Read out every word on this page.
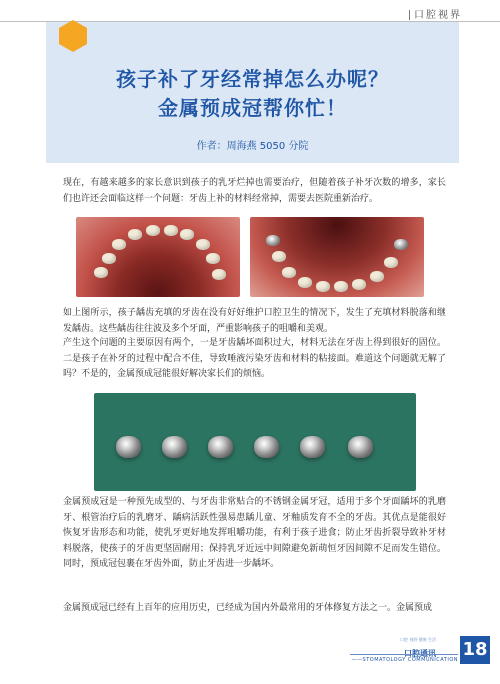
口腔视界
孩子补了牙经常掉怎么办呢？
金属预成冠帮你忙！
作者：周海燕 5050 分院

现在，有越来越多的家长意识到孩子的乳牙烂掉也需要治疗，但随着孩子补牙次数的增多，家长们也许还会面临这样一个问题：牙齿上补的材料经常掉，需要去医院重新治疗。

如上图所示，孩子龋齿充填的牙齿在没有好好维护口腔卫生的情况下，发生了充填材料脱落和继发龋齿。这些龋齿往往波及多个牙面，严重影响孩子的咀嚼和美观。

产生这个问题的主要原因有两个，一是牙齿龋坏面积过大，材料无法在牙齿上得到很好的固位。二是孩子在补牙的过程中配合不佳，导致唾液污染牙齿和材料的粘接面。难道这个问题就无解了吗？不是的，金属预成冠能很好解决家长们的烦恼。

金属预成冠是一种预先成型的、与牙齿非常贴合的不锈钢金属牙冠，适用于多个牙面龋坏的乳磨牙、根管治疗后的乳磨牙、龋病活跃性强易患龋儿童、牙釉质发育不全的牙齿。其优点是能很好恢复牙齿形态和功能，使乳牙更好地发挥咀嚼功能，有利于孩子进食；防止牙齿折裂导致补牙材料脱落，使孩子的牙齿更坚固耐用；保持乳牙近远中间隙避免新萌恒牙因间隙不足而发生错位。同时，预成冠包裹在牙齿外面，防止牙齿进一步龋坏。

金属预成冠已经有上百年的应用历史，已经成为国内外最常用的牙体修复方法之一。金属预成

口腔 视野 健康 生活
——STOMATOLOGY COMMUNICATION 18
